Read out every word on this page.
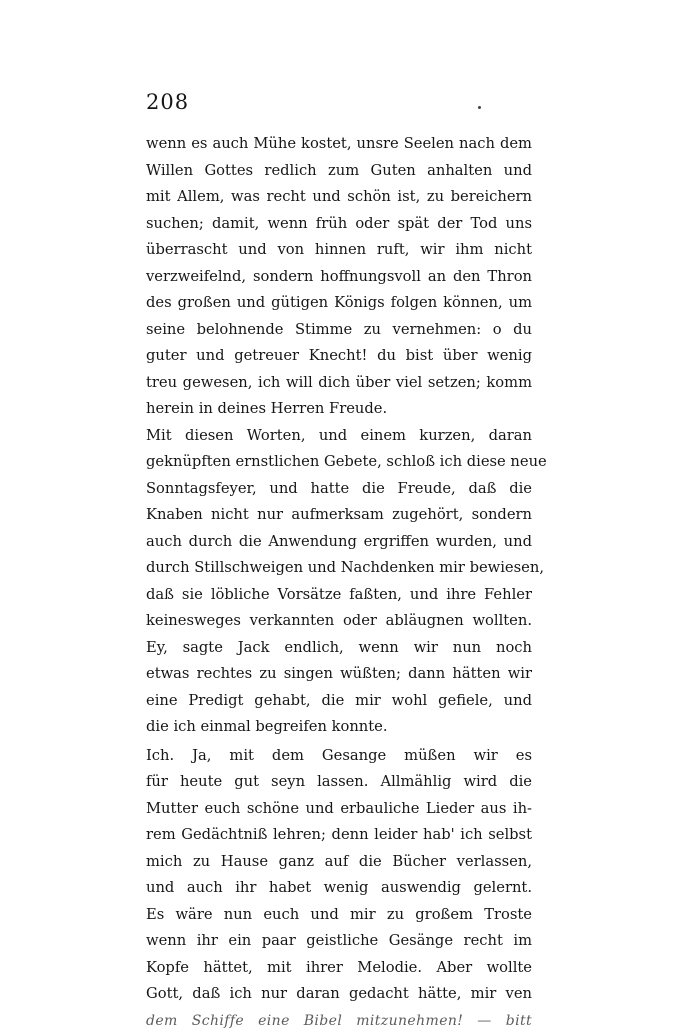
208
wenn es auch Mühe kostet, unsre Seelen nach dem
Willen Gottes redlich zum Guten anhalten und
mit Allem, was recht und schön ist, zu bereichern
suchen; damit, wenn früh oder spät der Tod uns
überrascht und von hinnen ruft, wir ihm nicht
verzweifelnd, sondern hoffnungsvoll an den Thron
des großen und gütigen Königs folgen können, um
seine belohnende Stimme zu vernehmen: o du
guter und getreuer Knecht! du bist über wenig
treu gewesen, ich will dich über viel setzen; komm
herein in deines Herren Freude.
Mit diesen Worten, und einem kurzen, daran
geknüpften ernstlichen Gebete, schloß ich diese neue
Sonntagsfeyer, und hatte die Freude, daß die
Knaben nicht nur aufmerksam zugehört, sondern
auch durch die Anwendung ergriffen wurden, und
durch Stillschweigen und Nachdenken mir bewiesen,
daß sie löbliche Vorsätze faßten, und ihre Fehler
keinesweges verkannten oder abläugnen wollten.
Ey, sagte Jack endlich, wenn wir nun noch
etwas rechtes zu singen wüßten; dann hätten wir
eine Predigt gehabt, die mir wohl gefiele, und
die ich einmal begreifen konnte.
Ich. Ja, mit dem Gesange müßen wir es
für heute gut seyn lassen. Allmählig wird die
Mutter euch schöne und erbauliche Lieder aus ih-
rem Gedächtniß lehren; denn leider hab' ich selbst
mich zu Hause ganz auf die Bücher verlassen,
und auch ihr habet wenig auswendig gelernt.
Es wäre nun euch und mir zu großem Troste
wenn ihr ein paar geistliche Gesänge recht im
Kopfe hättet, mit ihrer Melodie. Aber wollte
Gott, daß ich nur daran gedacht hätte, mir ven
dem Schiffe eine Bibel mitzunehmen! — bitt
